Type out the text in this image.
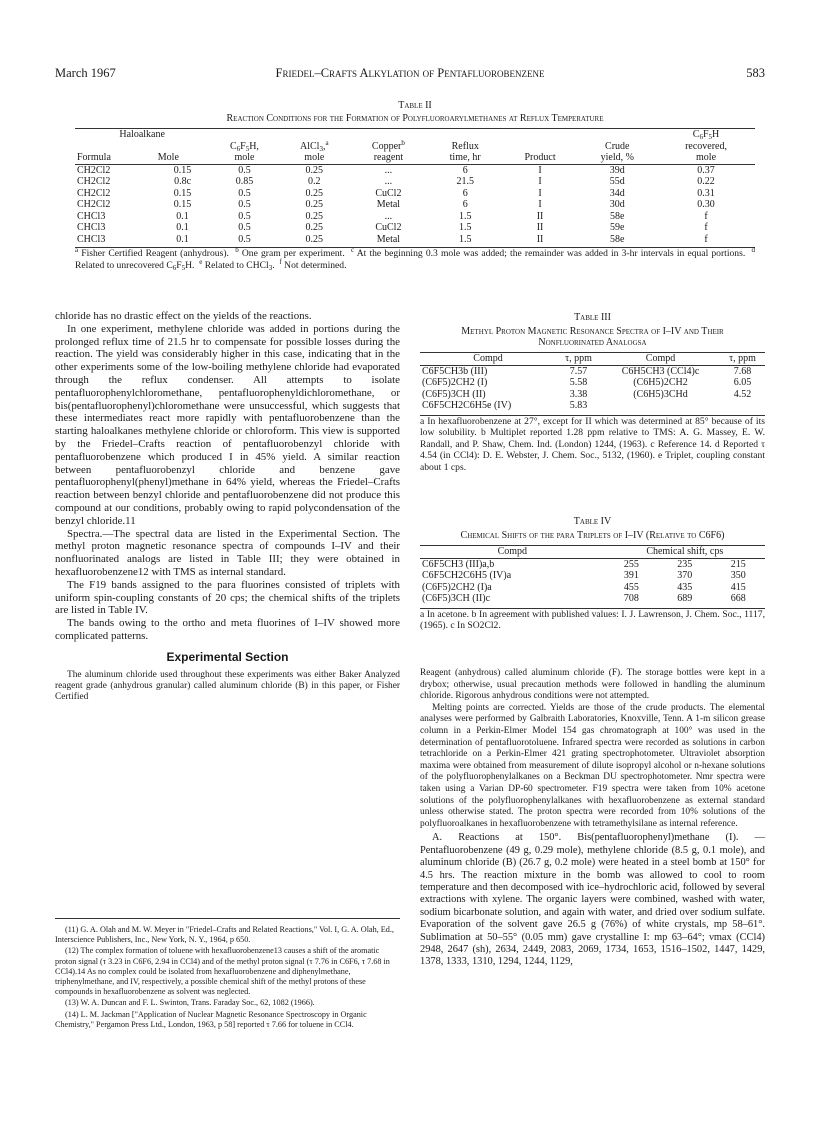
March 1967	Friedel–Crafts Alkylation of Pentafluorobenzene	583
Table II
Reaction Conditions for the Formation of Polyfluoroarylmethanes at Reflux Temperature
Haloalkane								$C_6F_5H$
		$C_6F_5H$,	AlCl$_3$,$^a$	Copper$^b$	Reflux		Crude	recovered,
Formula	Mole	mole	mole	reagent	time, hr	Product	yield, %	mole
CH2Cl2	0.15	0.5	0.25	...	6	I	39d	0.37
CH2Cl2	0.8c	0.85	0.2	...	21.5	I	55d	0.22
CH2Cl2	0.15	0.5	0.25	CuCl2	6	I	34d	0.31
CH2Cl2	0.15	0.5	0.25	Metal	6	I	30d	0.30
CHCl3	0.1	0.5	0.25	...	1.5	II	58e	f
CHCl3	0.1	0.5	0.25	CuCl2	1.5	II	59e	f
CHCl3	0.1	0.5	0.25	Metal	1.5	II	58e	f
$^a$ Fisher Certified Reagent (anhydrous).  $^b$ One gram per experiment.  $^c$ At the beginning 0.3 mole was added; the remainder was added in 3-hr intervals in equal portions.  $^d$ Related to unrecovered $C_6F_5H$.  $^e$ Related to CHCl$_3$.  $^f$ Not determined.

chloride has no drastic effect on the yields of the reactions.

In one experiment, methylene chloride was added in portions during the prolonged reflux time of 21.5 hr to compensate for possible losses during the reaction. The yield was considerably higher in this case, indicating that in the other experiments some of the low-boiling methylene chloride had evaporated through the reflux condenser. All attempts to isolate pentafluorophenylchloromethane, pentafluorophenyldichloromethane, or bis(pentafluorophenyl)chloromethane were unsuccessful, which suggests that these intermediates react more rapidly with pentafluorobenzene than the starting haloalkanes methylene chloride or chloroform. This view is supported by the Friedel–Crafts reaction of pentafluorobenzyl chloride with pentafluorobenzene which produced I in 45% yield. A similar reaction between pentafluorobenzyl chloride and benzene gave pentafluorophenyl(phenyl)methane in 64% yield, whereas the Friedel–Crafts reaction between benzyl chloride and pentafluorobenzene did not produce this compound at our conditions, probably owing to rapid polycondensation of the benzyl chloride.11

Spectra.—The spectral data are listed in the Experimental Section. The methyl proton magnetic resonance spectra of compounds I–IV and their nonfluorinated analogs are listed in Table III; they were obtained in hexafluorobenzene12 with TMS as internal standard.

The F19 bands assigned to the para fluorines consisted of triplets with uniform spin-coupling constants of 20 cps; the chemical shifts of the triplets are listed in Table IV.

The bands owing to the ortho and meta fluorines of I–IV showed more complicated patterns.

Experimental Section

The aluminum chloride used throughout these experiments was either Baker Analyzed reagent grade (anhydrous granular) called aluminum chloride (B) in this paper, or Fisher Certified

(11) G. A. Olah and M. W. Meyer in "Friedel–Crafts and Related Reactions," Vol. I, G. A. Olah, Ed., Interscience Publishers, Inc., New York, N. Y., 1964, p 650.

(12) The complex formation of toluene with hexafluorobenzene13 causes a shift of the aromatic proton signal (τ 3.23 in C6F6, 2.94 in CCl4) and of the methyl proton signal (τ 7.76 in C6F6, τ 7.68 in CCl4).14 As no complex could be isolated from hexafluorobenzene and diphenylmethane, triphenylmethane, and IV, respectively, a possible chemical shift of the methyl protons of these compounds in hexafluorobenzene as solvent was neglected.

(13) W. A. Duncan and F. L. Swinton, Trans. Faraday Soc., 62, 1082 (1966).

(14) L. M. Jackman ["Application of Nuclear Magnetic Resonance Spectroscopy in Organic Chemistry," Pergamon Press Ltd., London, 1963, p 58] reported τ 7.66 for toluene in CCl4.

Table III
Methyl Proton Magnetic Resonance Spectra of I–IV and Their Nonfluorinated Analogsa
Compd	τ, ppm	Compd	τ, ppm
C6F5CH3b (III)	7.57	C6H5CH3 (CCl4)c	7.68
(C6F5)2CH2 (I)	5.58	(C6H5)2CH2	6.05
(C6F5)3CH (II)	3.38	(C6H5)3CHd	4.52
C6F5CH2C6H5e (IV)	5.83		
a In hexafluorobenzene at 27°, except for II which was determined at 85° because of its low solubility. b Multiplet reported 1.28 ppm relative to TMS: A. G. Massey, E. W. Randall, and P. Shaw, Chem. Ind. (London) 1244, (1963). c Reference 14. d Reported τ 4.54 (in CCl4): D. E. Webster, J. Chem. Soc., 5132, (1960). e Triplet, coupling constant about 1 cps.
Table IV
Chemical Shifts of the para Triplets of I–IV (Relative to C6F6)
Compd	Chemical shift, cps		
C6F5CH3 (III)a,b	255	235	215
C6F5CH2C6H5 (IV)a	391	370	350
(C6F5)2CH2 (I)a	455	435	415
(C6F5)3CH (II)c	708	689	668
a In acetone. b In agreement with published values: I. J. Lawrenson, J. Chem. Soc., 1117, (1965). c In SO2Cl2.

Reagent (anhydrous) called aluminum chloride (F). The storage bottles were kept in a drybox; otherwise, usual precaution methods were followed in handling the aluminum chloride. Rigorous anhydrous conditions were not attempted.

Melting points are corrected. Yields are those of the crude products. The elemental analyses were performed by Galbraith Laboratories, Knoxville, Tenn. A 1-m silicon grease column in a Perkin-Elmer Model 154 gas chromatograph at 100° was used in the determination of pentafluorotoluene. Infrared spectra were recorded as solutions in carbon tetrachloride on a Perkin-Elmer 421 grating spectrophotometer. Ultraviolet absorption maxima were obtained from measurement of dilute isopropyl alcohol or n-hexane solutions of the polyfluorophenylalkanes on a Beckman DU spectrophotometer. Nmr spectra were taken using a Varian DP-60 spectrometer. F19 spectra were taken from 10% acetone solutions of the polyfluorophenylalkanes with hexafluorobenzene as external standard unless otherwise stated. The proton spectra were recorded from 10% solutions of the polyfluoroalkanes in hexafluorobenzene with tetramethylsilane as internal reference.

A. Reactions at 150°. Bis(pentafluorophenyl)methane (I). —Pentafluorobenzene (49 g, 0.29 mole), methylene chloride (8.5 g, 0.1 mole), and aluminum chloride (B) (26.7 g, 0.2 mole) were heated in a steel bomb at 150° for 4.5 hrs. The reaction mixture in the bomb was allowed to cool to room temperature and then decomposed with ice–hydrochloric acid, followed by several extractions with xylene. The organic layers were combined, washed with water, sodium bicarbonate solution, and again with water, and dried over sodium sulfate. Evaporation of the solvent gave 26.5 g (76%) of white crystals, mp 58–61°. Sublimation at 50–55° (0.05 mm) gave crystalline I: mp 63–64°; νmax (CCl4) 2948, 2647 (sh), 2634, 2449, 2083, 2069, 1734, 1653, 1516–1502, 1447, 1429, 1378, 1333, 1310, 1294, 1244, 1129,
